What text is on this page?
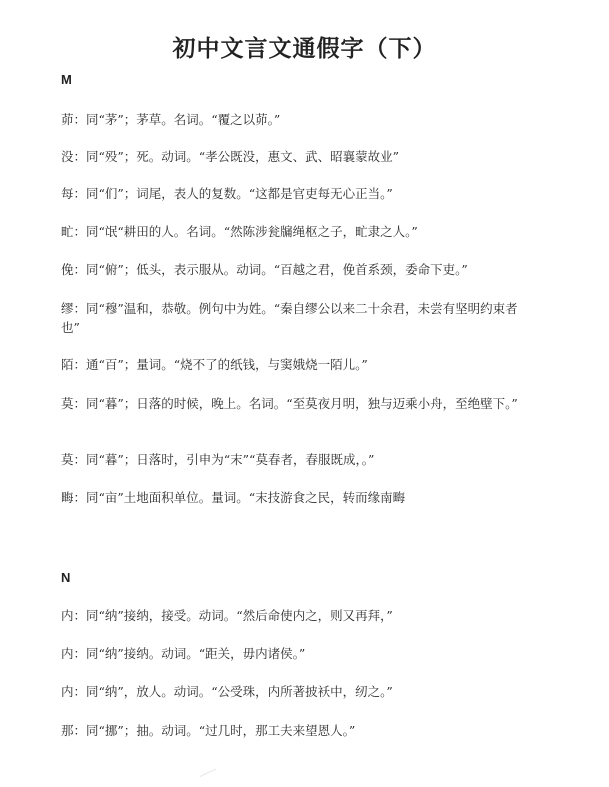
初中文言文通假字（下）
M
茆：同“茅”；茅草。名词。“覆之以茆。”
没：同“殁”；死。动词。“孝公既没，惠文、武、昭襄蒙故业”
每：同“们”；词尾，表人的复数。“这都是官吏每无心正当。”
甿：同“氓“耕田的人。名词。“然陈涉瓮牖绳枢之子，甿隶之人。”
俛：同“俯”；低头，表示服从。动词。“百越之君，俛首系颈，委命下吏。”
缪：同“穆”温和，恭敬。例句中为姓。“秦自缪公以来二十余君，未尝有坚明约束者也”
陌：通“百”；量词。“烧不了的纸钱，与窦娥烧一陌儿。”
莫：同“暮”；日落的时候，晚上。名词。“至莫夜月明，独与迈乘小舟，至绝壁下。”
莫：同“暮”；日落时，引申为“末”“莫春者，春服既成，。”
畮：同“亩”土地面积单位。量词。“末技游食之民，转而缘南畮
N
内：同“纳”接纳，接受。动词。“然后命使内之，则又再拜，”
内：同“纳”接纳。动词。“距关，毋内诸侯。”
内：同“纳”，放人。动词。“公受珠，内所著披袄中，纫之。”
那：同“挪”；抽。动词。“过几时，那工夫来望恩人。”
